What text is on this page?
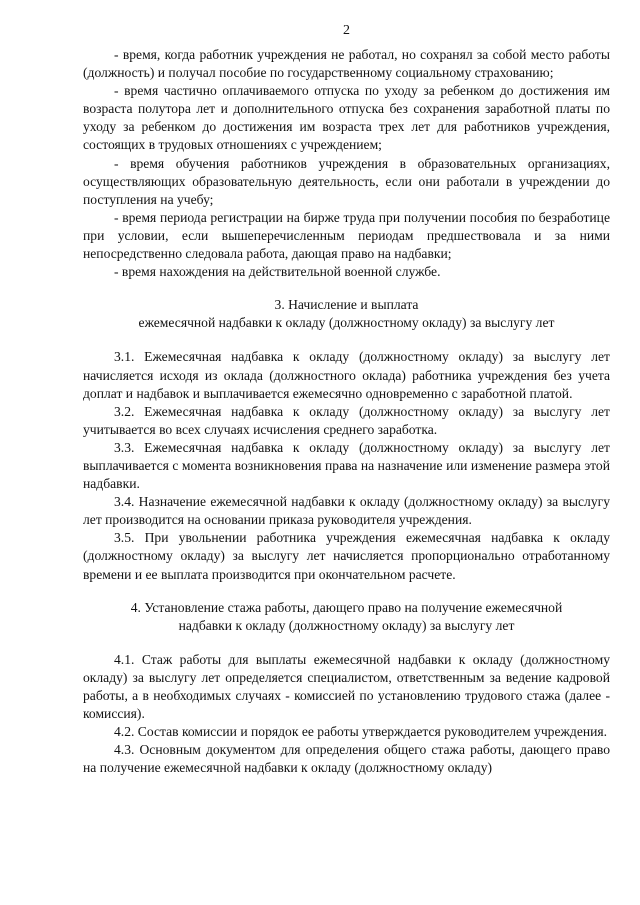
2

- время, когда работник учреждения не работал, но сохранял за собой место работы (должность) и получал пособие по государственному социальному страхованию;

- время частично оплачиваемого отпуска по уходу за ребенком до достижения им возраста полутора лет и дополнительного отпуска без сохранения заработной платы по уходу за ребенком до достижения им возраста трех лет для работников учреждения, состоящих в трудовых отношениях с учреждением;

- время обучения работников учреждения в образовательных организациях, осуществляющих образовательную деятельность, если они работали в учреждении до поступления на учебу;

- время периода регистрации на бирже труда при получении пособия по безработице при условии, если вышеперечисленным периодам предшествовала и за ними непосредственно следовала работа, дающая право на надбавки;

- время нахождения на действительной военной службе.

3. Начисление и выплата

ежемесячной надбавки к окладу (должностному окладу) за выслугу лет

3.1. Ежемесячная надбавка к окладу (должностному окладу) за выслугу лет начисляется исходя из оклада (должностного оклада) работника учреждения без учета доплат и надбавок и выплачивается ежемесячно одновременно с заработной платой.

3.2. Ежемесячная надбавка к окладу (должностному окладу) за выслугу лет учитывается во всех случаях исчисления среднего заработка.

3.3. Ежемесячная надбавка к окладу (должностному окладу) за выслугу лет выплачивается с момента возникновения права на назначение или изменение размера этой надбавки.

3.4. Назначение ежемесячной надбавки к окладу (должностному окладу) за выслугу лет производится на основании приказа руководителя учреждения.

3.5. При увольнении работника учреждения ежемесячная надбавка к окладу (должностному окладу) за выслугу лет начисляется пропорционально отработанному времени и ее выплата производится при окончательном расчете.

4. Установление стажа работы, дающего право на получение ежемесячной

надбавки к окладу (должностному окладу) за выслугу лет

4.1. Стаж работы для выплаты ежемесячной надбавки к окладу (должностному окладу) за выслугу лет определяется специалистом, ответственным за ведение кадровой работы, а в необходимых случаях - комиссией по установлению трудового стажа (далее - комиссия).

4.2. Состав комиссии и порядок ее работы утверждается руководителем учреждения.

4.3. Основным документом для определения общего стажа работы, дающего право на получение ежемесячной надбавки к окладу (должностному окладу)
